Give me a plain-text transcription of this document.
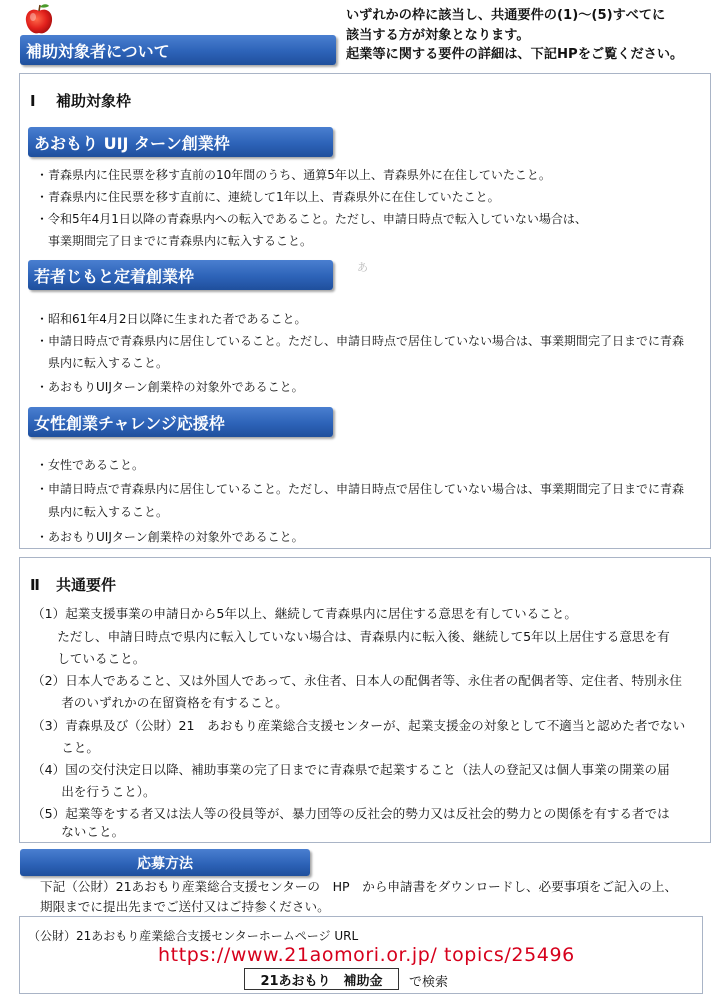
補助対象者について
いずれかの枠に該当し、共通要件の(1)～(5)すべてに
該当する方が対象となります。
起業等に関する要件の詳細は、下記HPをご覧ください。
Ⅰ 補助対象枠
あおもり UIJ ターン創業枠
・青森県内に住民票を移す直前の10年間のうち、通算5年以上、青森県外に在住していたこと。
・青森県内に住民票を移す直前に、連続して1年以上、青森県外に在住していたこと。
・令和5年4月1日以降の青森県内への転入であること。ただし、申請日時点で転入していない場合は、
　事業期間完了日までに青森県内に転入すること。
若者じもと定着創業枠	あ
・昭和61年4月2日以降に生まれた者であること。
・申請日時点で青森県内に居住していること。ただし、申請日時点で居住していない場合は、事業期間完了日までに青森
　県内に転入すること。
・あおもりUIJターン創業枠の対象外であること。
女性創業チャレンジ応援枠
・女性であること。
・申請日時点で青森県内に居住していること。ただし、申請日時点で居住していない場合は、事業期間完了日までに青森
　県内に転入すること。
・あおもりUIJターン創業枠の対象外であること。
Ⅱ 共通要件
（1）起業支援事業の申請日から5年以上、継続して青森県内に居住する意思を有していること。
　　ただし、申請日時点で県内に転入していない場合は、青森県内に転入後、継続して5年以上居住する意思を有
　　していること。
（2）日本人であること、又は外国人であって、永住者、日本人の配偶者等、永住者の配偶者等、定住者、特別永住
　　 者のいずれかの在留資格を有すること。
（3）青森県及び（公財）21　あおもり産業総合支援センターが、起業支援金の対象として不適当と認めた者でない
　　 こと。
（4）国の交付決定日以降、補助事業の完了日までに青森県で起業すること（法人の登記又は個人事業の開業の届
　　 出を行うこと）。
（5）起業等をする者又は法人等の役員等が、暴力団等の反社会的勢力又は反社会的勢力との関係を有する者では
　　 ないこと。
応募方法
下記（公財）21あおもり産業総合支援センターの　HP　から申請書をダウンロードし、必要事項をご記入の上、
期限までに提出先までご送付又はご持参ください。
（公財）21あおもり産業総合支援センターホームページ URL
https://www.21aomori.or.jp/ topics/25496
21あおもり　補助金 で検索
